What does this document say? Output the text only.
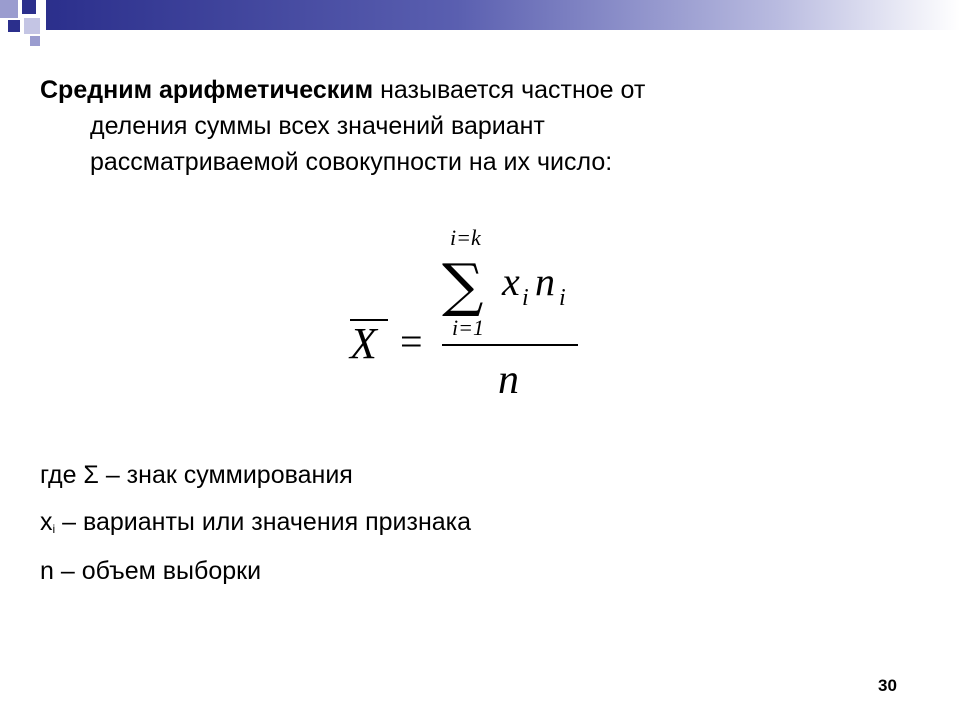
Средним арифметическим называется частное от
деления суммы всех значений вариант
рассматриваемой совокупности на их число:
X =
i=k
∑
i=1
x i n i
n
где Σ – знак суммирования
$x_i$ – варианты или значения признака
n – объем выборки
30
